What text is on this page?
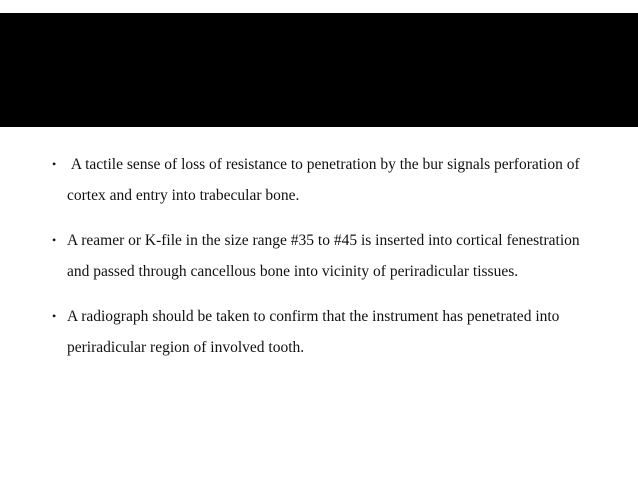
• A tactile sense of loss of resistance to penetration by the bur signals perforation of cortex and entry into trabecular bone.
• A reamer or K-file in the size range #35 to #45 is inserted into cortical fenestration and passed through cancellous bone into vicinity of periradicular tissues.
• A radiograph should be taken to confirm that the instrument has penetrated into periradicular region of involved tooth.
